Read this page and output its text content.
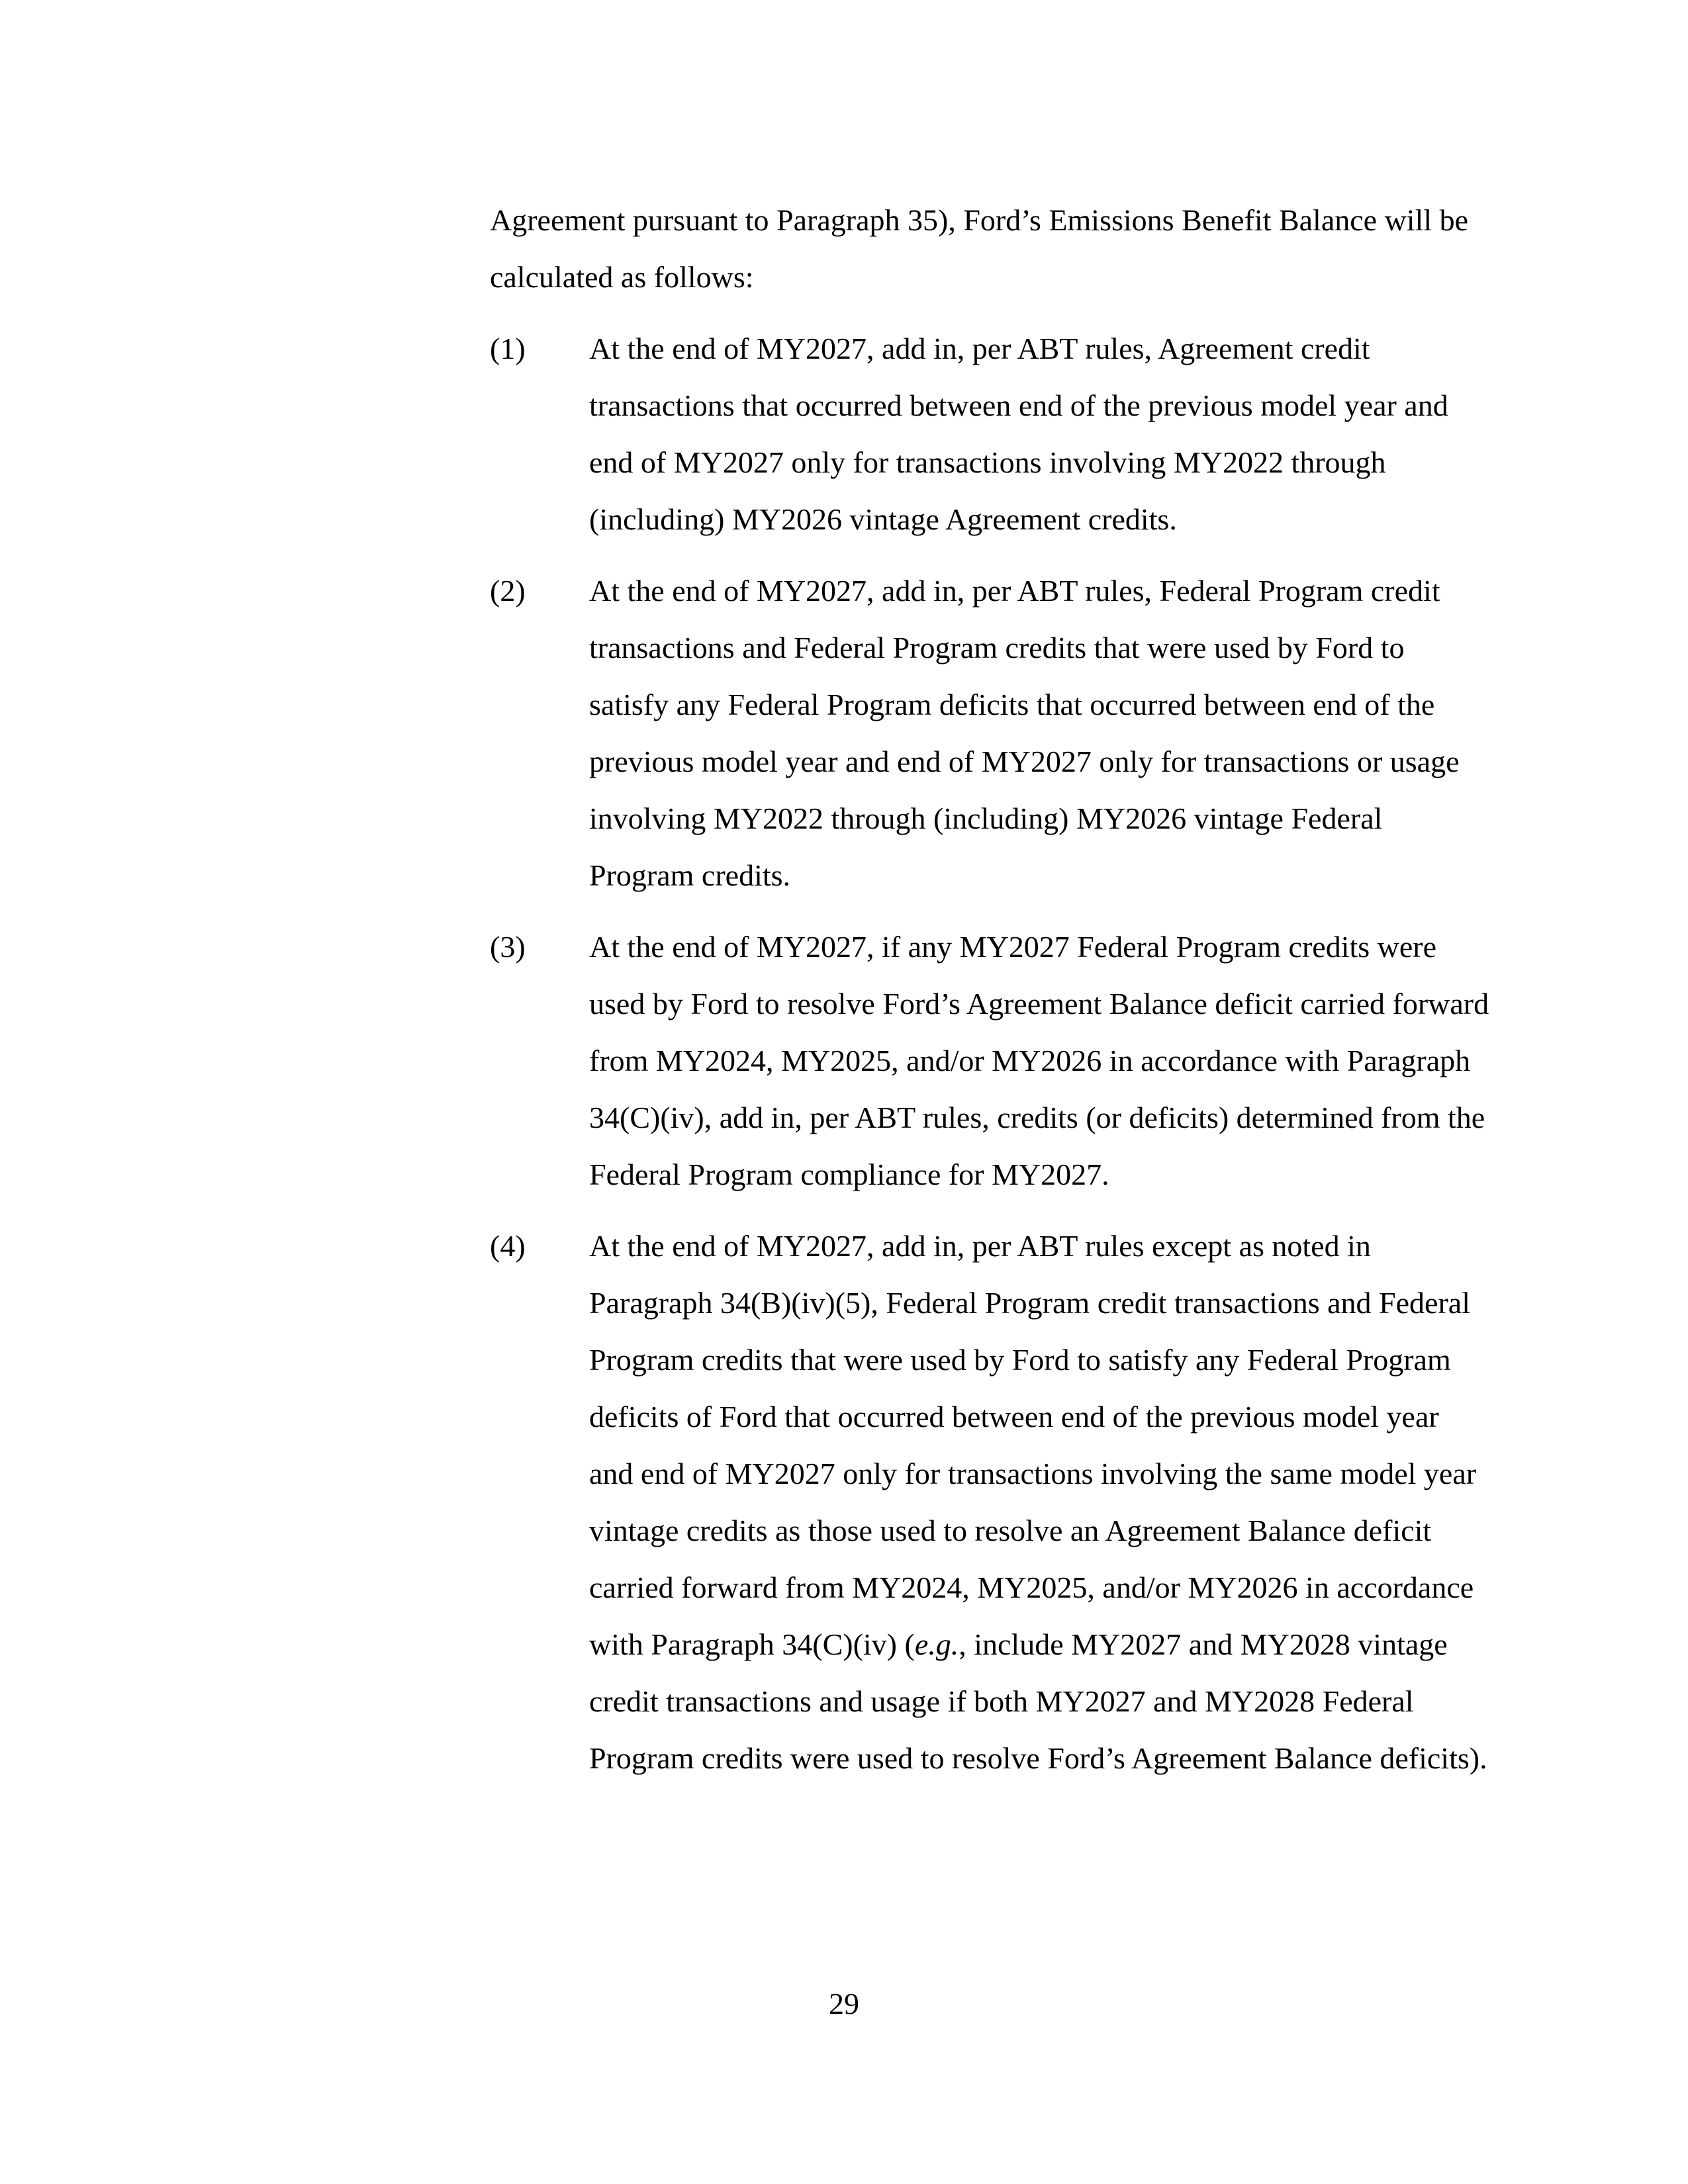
Agreement pursuant to Paragraph 35), Ford’s Emissions Benefit Balance will be calculated as follows:

(1) At the end of MY2027, add in, per ABT rules, Agreement credit transactions that occurred between end of the previous model year and end of MY2027 only for transactions involving MY2022 through (including) MY2026 vintage Agreement credits.
(2) At the end of MY2027, add in, per ABT rules, Federal Program credit transactions and Federal Program credits that were used by Ford to satisfy any Federal Program deficits that occurred between end of the previous model year and end of MY2027 only for transactions or usage involving MY2022 through (including) MY2026 vintage Federal Program credits.
(3) At the end of MY2027, if any MY2027 Federal Program credits were used by Ford to resolve Ford’s Agreement Balance deficit carried forward from MY2024, MY2025, and/or MY2026 in accordance with Paragraph 34(C)(iv), add in, per ABT rules, credits (or deficits) determined from the Federal Program compliance for MY2027.
(4) At the end of MY2027, add in, per ABT rules except as noted in Paragraph 34(B)(iv)(5), Federal Program credit transactions and Federal Program credits that were used by Ford to satisfy any Federal Program deficits of Ford that occurred between end of the previous model year and end of MY2027 only for transactions involving the same model year vintage credits as those used to resolve an Agreement Balance deficit carried forward from MY2024, MY2025, and/or MY2026 in accordance with Paragraph 34(C)(iv) (e.g., include MY2027 and MY2028 vintage credit transactions and usage if both MY2027 and MY2028 Federal Program credits were used to resolve Ford’s Agreement Balance deficits).
29
